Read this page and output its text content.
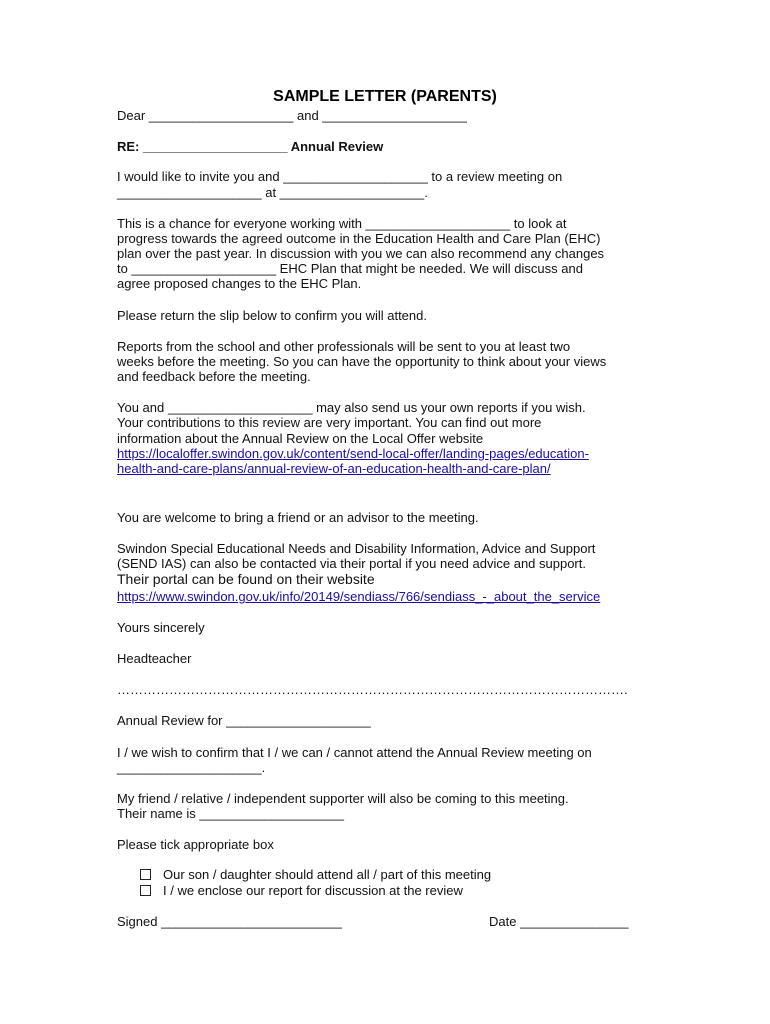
SAMPLE LETTER (PARENTS)
Dear ____________________ and ____________________
RE: ____________________ Annual Review
I would like to invite you and ____________________ to a review meeting on
____________________ at ____________________.
This is a chance for everyone working with ____________________ to look at
progress towards the agreed outcome in the Education Health and Care Plan (EHC)
plan over the past year. In discussion with you we can also recommend any changes
to ____________________ EHC Plan that might be needed. We will discuss and
agree proposed changes to the EHC Plan.
Please return the slip below to confirm you will attend.
Reports from the school and other professionals will be sent to you at least two
weeks before the meeting. So you can have the opportunity to think about your views
and feedback before the meeting.
You and ____________________ may also send us your own reports if you wish.
Your contributions to this review are very important. You can find out more
information about the Annual Review on the Local Offer website
https://localoffer.swindon.gov.uk/content/send-local-offer/landing-pages/education-
health-and-care-plans/annual-review-of-an-education-health-and-care-plan/
You are welcome to bring a friend or an advisor to the meeting.
Swindon Special Educational Needs and Disability Information, Advice and Support
(SEND IAS) can also be contacted via their portal if you need advice and support.
Their portal can be found on their website
https://www.swindon.gov.uk/info/20149/sendiass/766/sendiass_-_about_the_service
Yours sincerely
Headteacher
……………………………………………………………………………………………………….
Annual Review for ____________________
I / we wish to confirm that I / we can / cannot attend the Annual Review meeting on
____________________.
My friend / relative / independent supporter will also be coming to this meeting.
Their name is ____________________
Please tick appropriate box
Our son / daughter should attend all / part of this meeting
I / we enclose our report for discussion at the review
Signed _________________________	Date _______________
